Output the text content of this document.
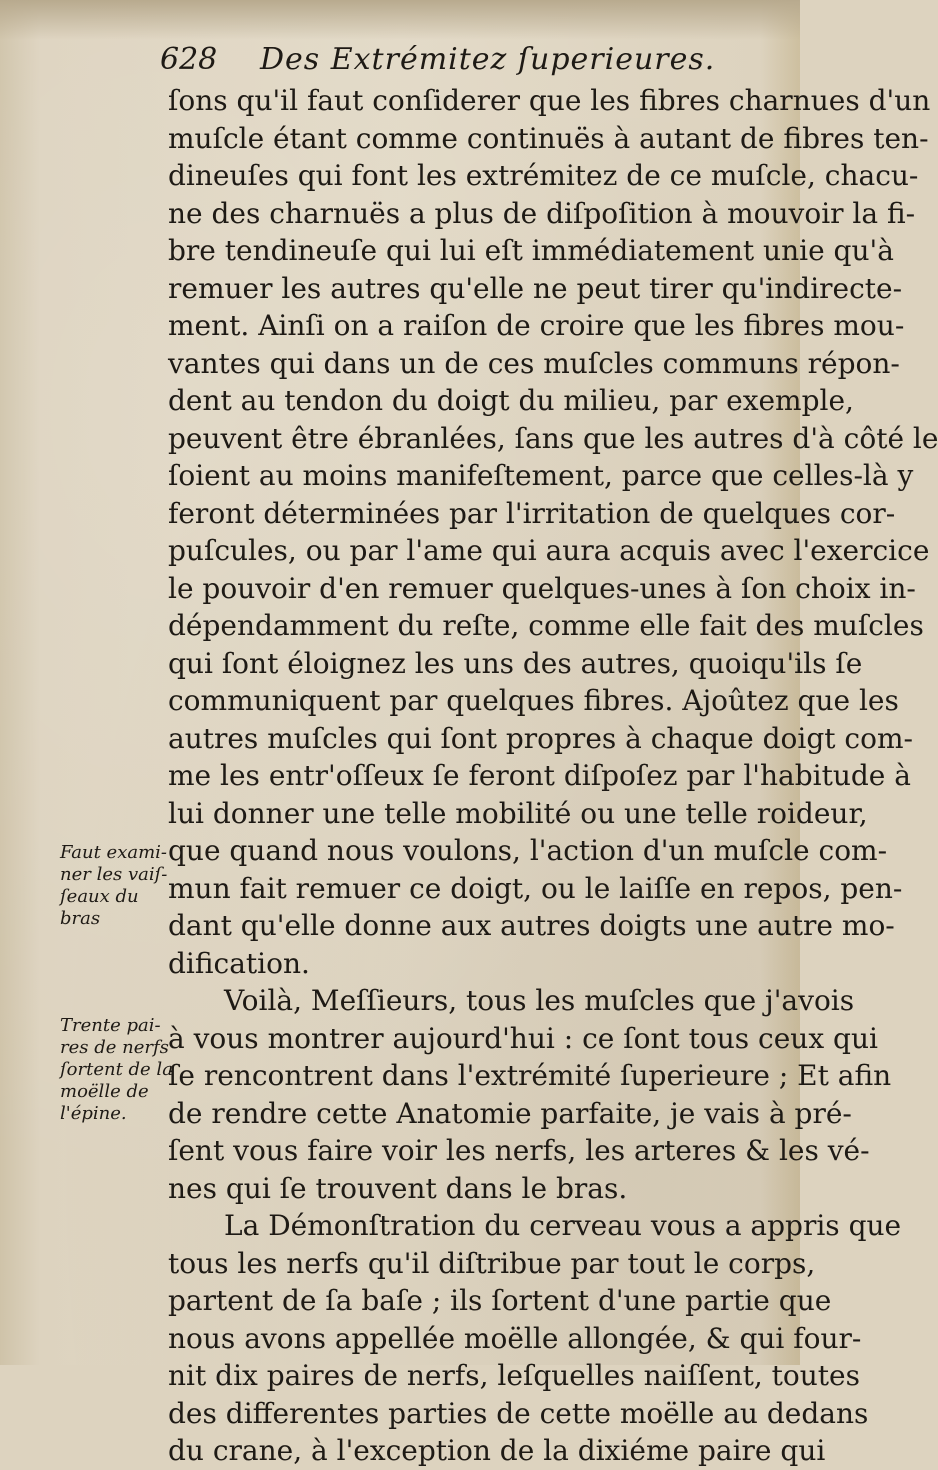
628 Des Extrémitez ſuperieures.
ſons qu'il faut conſiderer que les fibres charnues d'un
muſcle étant comme continuës à autant de fibres ten-
dineuſes qui font les extrémitez de ce muſcle, chacu-
ne des charnuës a plus de diſpoſition à mouvoir la fi-
bre tendineuſe qui lui eſt immédiatement unie qu'à
remuer les autres qu'elle ne peut tirer qu'indirecte-
ment. Ainſi on a raiſon de croire que les fibres mou-
vantes qui dans un de ces muſcles communs répon-
dent au tendon du doigt du milieu, par exemple,
peuvent être ébranlées, ſans que les autres d'à côté le
ſoient au moins manifeſtement, parce que celles-là y
feront déterminées par l'irritation de quelques cor-
puſcules, ou par l'ame qui aura acquis avec l'exercice
le pouvoir d'en remuer quelques-unes à ſon choix in-
dépendamment du reſte, comme elle fait des muſcles
qui ſont éloignez les uns des autres, quoiqu'ils ſe
communiquent par quelques fibres. Ajoûtez que les
autres muſcles qui ſont propres à chaque doigt com-
me les entr'oſſeux ſe feront diſpoſez par l'habitude à
lui donner une telle mobilité ou une telle roideur,
que quand nous voulons, l'action d'un muſcle com-
mun fait remuer ce doigt, ou le laiſſe en repos, pen-
dant qu'elle donne aux autres doigts une autre mo-
dification.
Voilà, Meſſieurs, tous les muſcles que j'avois
à vous montrer aujourd'hui : ce ſont tous ceux qui
ſe rencontrent dans l'extrémité ſuperieure ; Et afin
de rendre cette Anatomie parfaite, je vais à pré-
ſent vous faire voir les nerfs, les arteres & les vé-
nes qui ſe trouvent dans le bras.
La Démonſtration du cerveau vous a appris que
tous les nerfs qu'il diſtribue par tout le corps,
partent de ſa baſe ; ils ſortent d'une partie que
nous avons appellée moëlle allongée, & qui four-
nit dix paires de nerfs, leſquelles naiſſent, toutes
des differentes parties de cette moëlle au dedans
du crane, à l'exception de la dixiéme paire qui
Faut exami-
ner les vaiſ-
ſeaux du
bras
Trente pai-
res de nerfs
ſortent de la
moëlle de
l'épine.
